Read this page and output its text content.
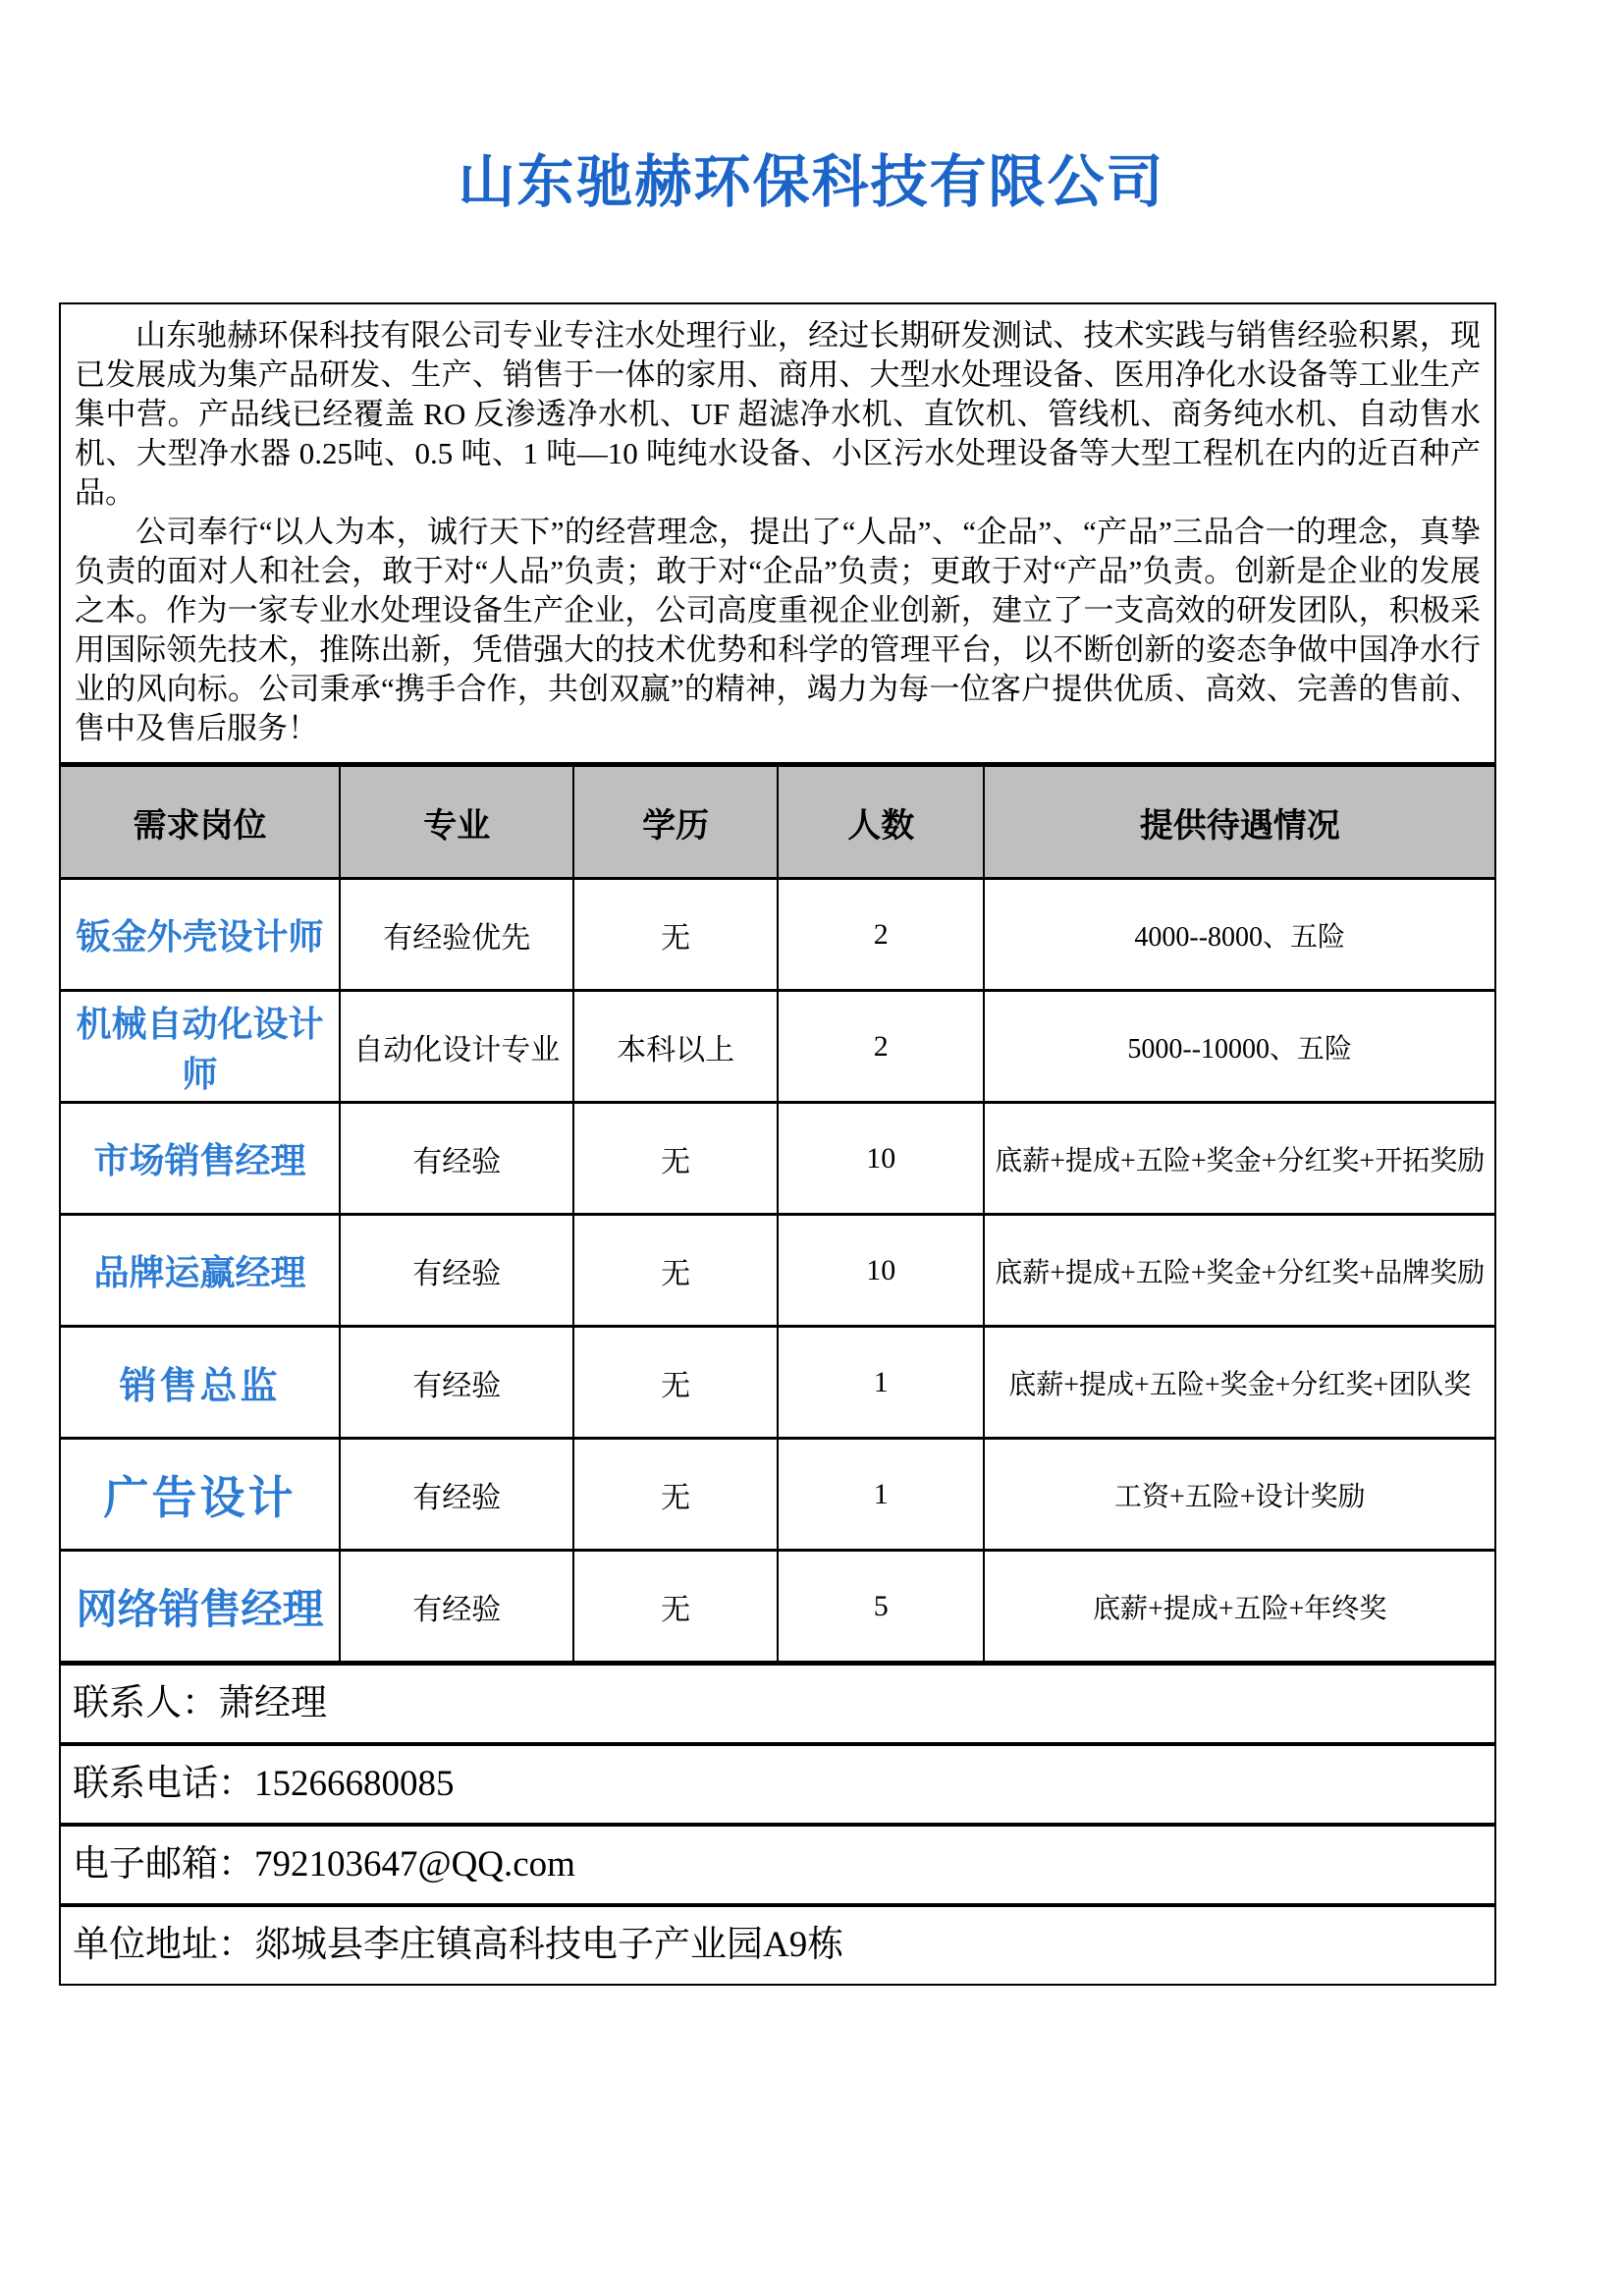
山东驰赫环保科技有限公司

山东驰赫环保科技有限公司专业专注水处理行业，经过长期研发测试、技术实践与销售经验积累，现已发展成为集产品研发、生产、销售于一体的家用、商用、大型水处理设备、医用净化水设备等工业生产集中营。产品线已经覆盖 RO 反渗透净水机、UF 超滤净水机、直饮机、管线机、商务纯水机、自动售水机、大型净水器 0.25吨、0.5 吨、1 吨—10 吨纯水设备、小区污水处理设备等大型工程机在内的近百种产品。

公司奉行“以人为本，诚行天下”的经营理念，提出了“人品”、“企品”、“产品”三品合一的理念，真挚负责的面对人和社会，敢于对“人品”负责；敢于对“企品”负责；更敢于对“产品”负责。创新是企业的发展之本。作为一家专业水处理设备生产企业，公司高度重视企业创新，建立了一支高效的研发团队，积极采用国际领先技术，推陈出新，凭借强大的技术优势和科学的管理平台，以不断创新的姿态争做中国净水行业的风向标。公司秉承“携手合作，共创双赢”的精神，竭力为每一位客户提供优质、高效、完善的售前、售中及售后服务！

需求岗位	专业	学历	人数	提供待遇情况
钣金外壳设计师	有经验优先	无	2	4000--8000、五险
机械自动化设计师	自动化设计专业	本科以上	2	5000--10000、五险
市场销售经理	有经验	无	10	底薪+提成+五险+奖金+分红奖+开拓奖励
品牌运赢经理	有经验	无	10	底薪+提成+五险+奖金+分红奖+品牌奖励
销售总监	有经验	无	1	底薪+提成+五险+奖金+分红奖+团队奖
广告设计	有经验	无	1	工资+五险+设计奖励
网络销售经理	有经验	无	5	底薪+提成+五险+年终奖
联系人：萧经理
联系电话：15266680085
电子邮箱：792103647@QQ.com
单位地址：郯城县李庄镇高科技电子产业园A9栋
